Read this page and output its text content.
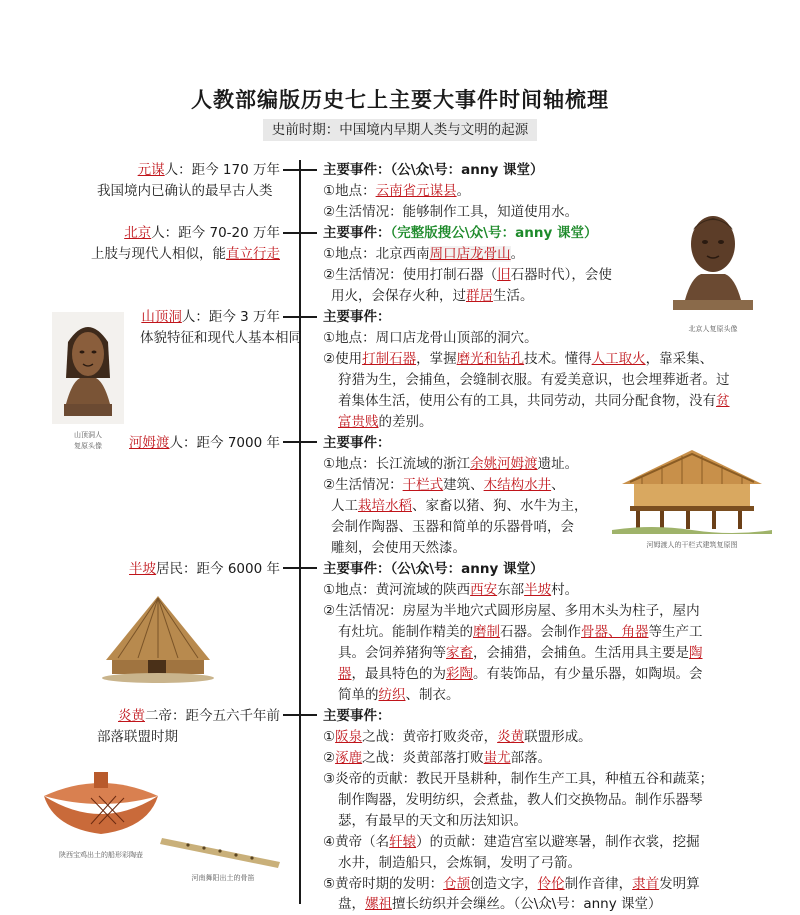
人教部编版历史七上主要大事件时间轴梳理
史前时期：中国境内早期人类与文明的起源
元谋人：距今 170 万年
我国境内已确认的最早古人类
主要事件：（公\众\号：anny 课堂）
①地点：云南省元谋县。
②生活情况：能够制作工具，知道使用水。
北京人：距今 70-20 万年
上肢与现代人相似，能直立行走
主要事件：（完整版搜公\众\号：anny 课堂）
①地点：北京西南周口店龙骨山。
②生活情况：使用打制石器（旧石器时代），会使
用火，会保存火种，过群居生活。
山顶洞人：距今 3 万年
体貌特征和现代人基本相同
主要事件：
①地点：周口店龙骨山顶部的洞穴。
②使用打制石器，掌握磨光和钻孔技术。懂得人工取火，靠采集、
狩猎为生，会捕鱼，会缝制衣服。有爱美意识，也会埋葬逝者。过
着集体生活，使用公有的工具，共同劳动，共同分配食物，没有贫
富贵贱的差别。
河姆渡人：距今 7000 年	主要事件：
①地点：长江流域的浙江余姚河姆渡遗址。
②生活情况：干栏式建筑、木结构水井、
人工栽培水稻、家畜以猪、狗、水牛为主，
会制作陶器、玉器和简单的乐器骨哨，会
雕刻，会使用天然漆。
半坡居民：距今 6000 年	主要事件：（公\众\号：anny 课堂）
①地点：黄河流域的陕西西安东部半坡村。
②生活情况：房屋为半地穴式圆形房屋、多用木头为柱子，屋内
有灶坑。能制作精美的磨制石器。会制作骨器、角器等生产工
具。会饲养猪狗等家畜，会捕猎，会捕鱼。生活用具主要是陶
器，最具特色的为彩陶。有装饰品，有少量乐器，如陶埙。会
简单的纺织、制衣。
炎黄二帝：距今五六千年前
部落联盟时期
主要事件：
①阪泉之战：黄帝打败炎帝，炎黄联盟形成。
②涿鹿之战：炎黄部落打败蚩尤部落。
③炎帝的贡献：教民开垦耕种，制作生产工具，种植五谷和蔬菜；
制作陶器，发明纺织，会煮盐，教人们交换物品。制作乐器琴
瑟，有最早的天文和历法知识。
④黄帝（名轩辕）的贡献：建造宫室以避寒暑，制作衣裳，挖掘
水井，制造船只，会炼铜，发明了弓箭。
⑤黄帝时期的发明：仓颉创造文字，伶伦制作音律，隶首发明算
盘，嫘祖擅长纺织并会缫丝。（公\众\号：anny 课堂）
北京人复原头像
山顶洞人
复原头像
河姆渡人的干栏式建筑复原图
陕西宝鸡出土的船形彩陶壶
河南舞阳出土的骨笛
